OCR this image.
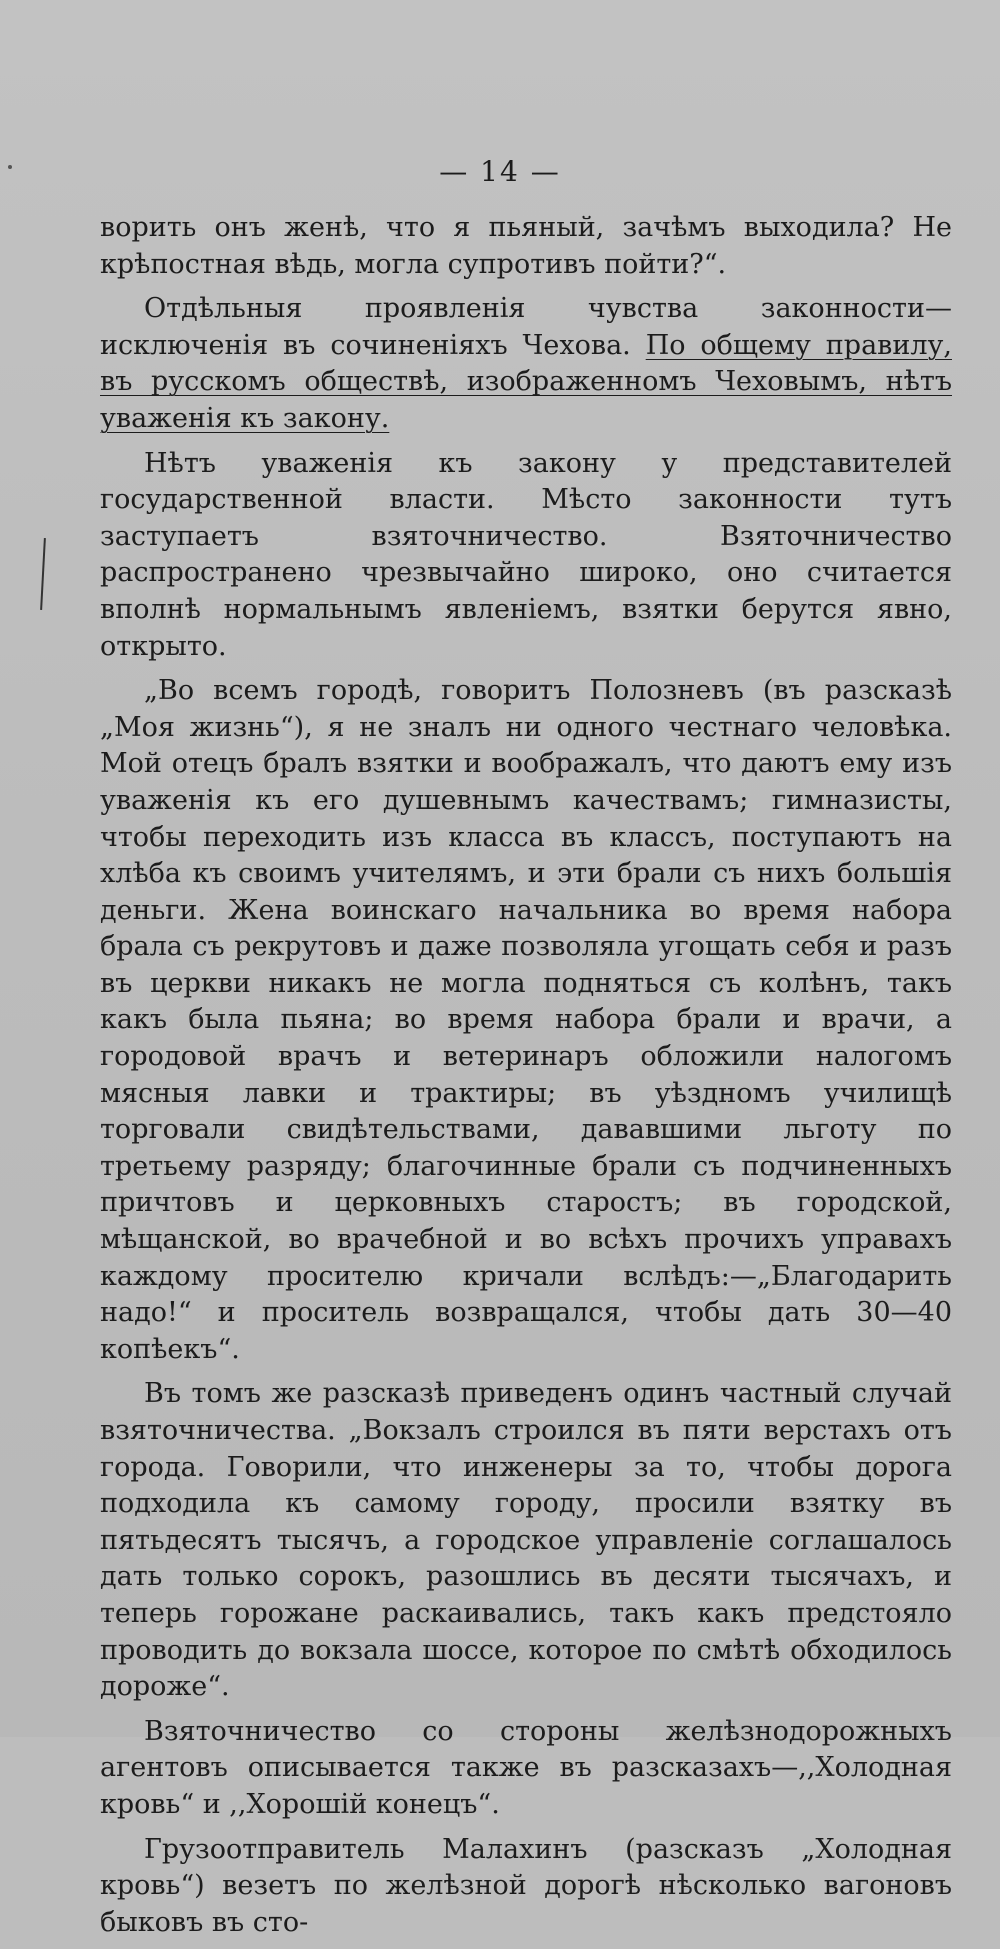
— 14 —

ворить онъ женѣ, что я пьяный, зачѣмъ выходила? Не крѣпостная вѣдь, могла супротивъ пойти?“.

Отдѣльныя проявленія чувства законности—исключенія въ сочиненіяхъ Чехова. По общему правилу, въ русскомъ обществѣ, изображенномъ Чеховымъ, нѣтъ уваженія къ закону.

Нѣтъ уваженія къ закону у представителей государственной власти. Мѣсто законности тутъ заступаетъ взяточничество. Взяточничество распространено чрезвычайно широко, оно считается вполнѣ нормальнымъ явленіемъ, взятки берутся явно, открыто.

„Во всемъ городѣ, говоритъ Полозневъ (въ разсказѣ „Моя жизнь“), я не зналъ ни одного честнаго человѣка. Мой отецъ бралъ взятки и воображалъ, что даютъ ему изъ уваженія къ его душевнымъ качествамъ; гимназисты, чтобы переходить изъ класса въ классъ, поступаютъ на хлѣба къ своимъ учителямъ, и эти брали съ нихъ большія деньги. Жена воинскаго начальника во время набора брала съ рекрутовъ и даже позволяла угощать себя и разъ въ церкви никакъ не могла подняться съ колѣнъ, такъ какъ была пьяна; во время набора брали и врачи, а городовой врачъ и ветеринаръ обложили налогомъ мясныя лавки и трактиры; въ уѣздномъ училищѣ торговали свидѣтельствами, дававшими льготу по третьему разряду; благочинные брали съ подчиненныхъ причтовъ и церковныхъ старостъ; въ городской, мѣщанской, во врачебной и во всѣхъ прочихъ управахъ каждому просителю кричали вслѣдъ:—„Благодарить надо!“ и проситель возвращался, чтобы дать 30—40 копѣекъ“.

Въ томъ же разсказѣ приведенъ одинъ частный случай взяточничества. „Вокзалъ строился въ пяти верстахъ отъ города. Говорили, что инженеры за то, чтобы дорога подходила къ самому городу, просили взятку въ пятьдесятъ тысячъ, а городское управленіе соглашалось дать только сорокъ, разошлись въ десяти тысячахъ, и теперь горожане раскаивались, такъ какъ предстояло проводить до вокзала шоссе, которое по смѣтѣ обходилось дороже“.

Взяточничество со стороны желѣзнодорожныхъ агентовъ описывается также въ разсказахъ—,,Холодная кровь“ и ,,Хорошій конецъ“.

Грузоотправитель Малахинъ (разсказъ „Холодная кровь“) везетъ по желѣзной дорогѣ нѣсколько вагоновъ быковъ въ сто-
